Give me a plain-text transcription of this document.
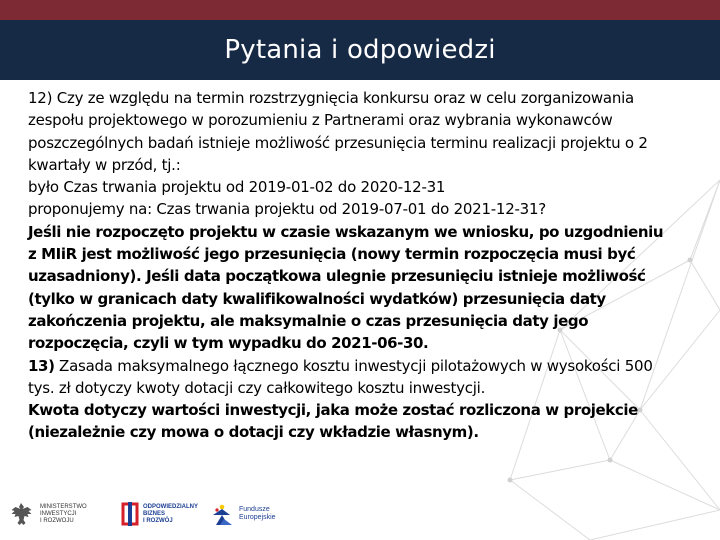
Pytania i odpowiedzi

12) Czy ze względu na termin rozstrzygnięcia konkursu oraz w celu zorganizowania zespołu projektowego w porozumieniu z Partnerami oraz wybrania wykonawców poszczególnych badań istnieje możliwość przesunięcia terminu realizacji projektu o 2 kwartały w przód, tj.:

było Czas trwania projektu od 2019-01-02 do 2020-12-31

proponujemy na: Czas trwania projektu od 2019-07-01 do 2021-12-31?

Jeśli nie rozpoczęto projektu w czasie wskazanym we wniosku, po uzgodnieniu z MIiR jest możliwość jego przesunięcia (nowy termin rozpoczęcia musi być uzasadniony). Jeśli data początkowa ulegnie przesunięciu istnieje możliwość (tylko w granicach daty kwalifikowalności wydatków) przesunięcia daty zakończenia projektu, ale maksymalnie o czas przesunięcia daty jego rozpoczęcia, czyli w tym wypadku do 2021-06-30.

13) Zasada maksymalnego łącznego kosztu inwestycji pilotażowych w wysokości 500 tys. zł dotyczy kwoty dotacji czy całkowitego kosztu inwestycji.

Kwota dotyczy wartości inwestycji, jaka może zostać rozliczona w projekcie (niezależnie czy mowa o dotacji czy wkładzie własnym).

MINISTERSTWO
INWESTYCJI
I ROZWOJU
ODPOWIEDZIALNY
BIZNES
I ROZWÓJ
Fundusze
Europejskie
